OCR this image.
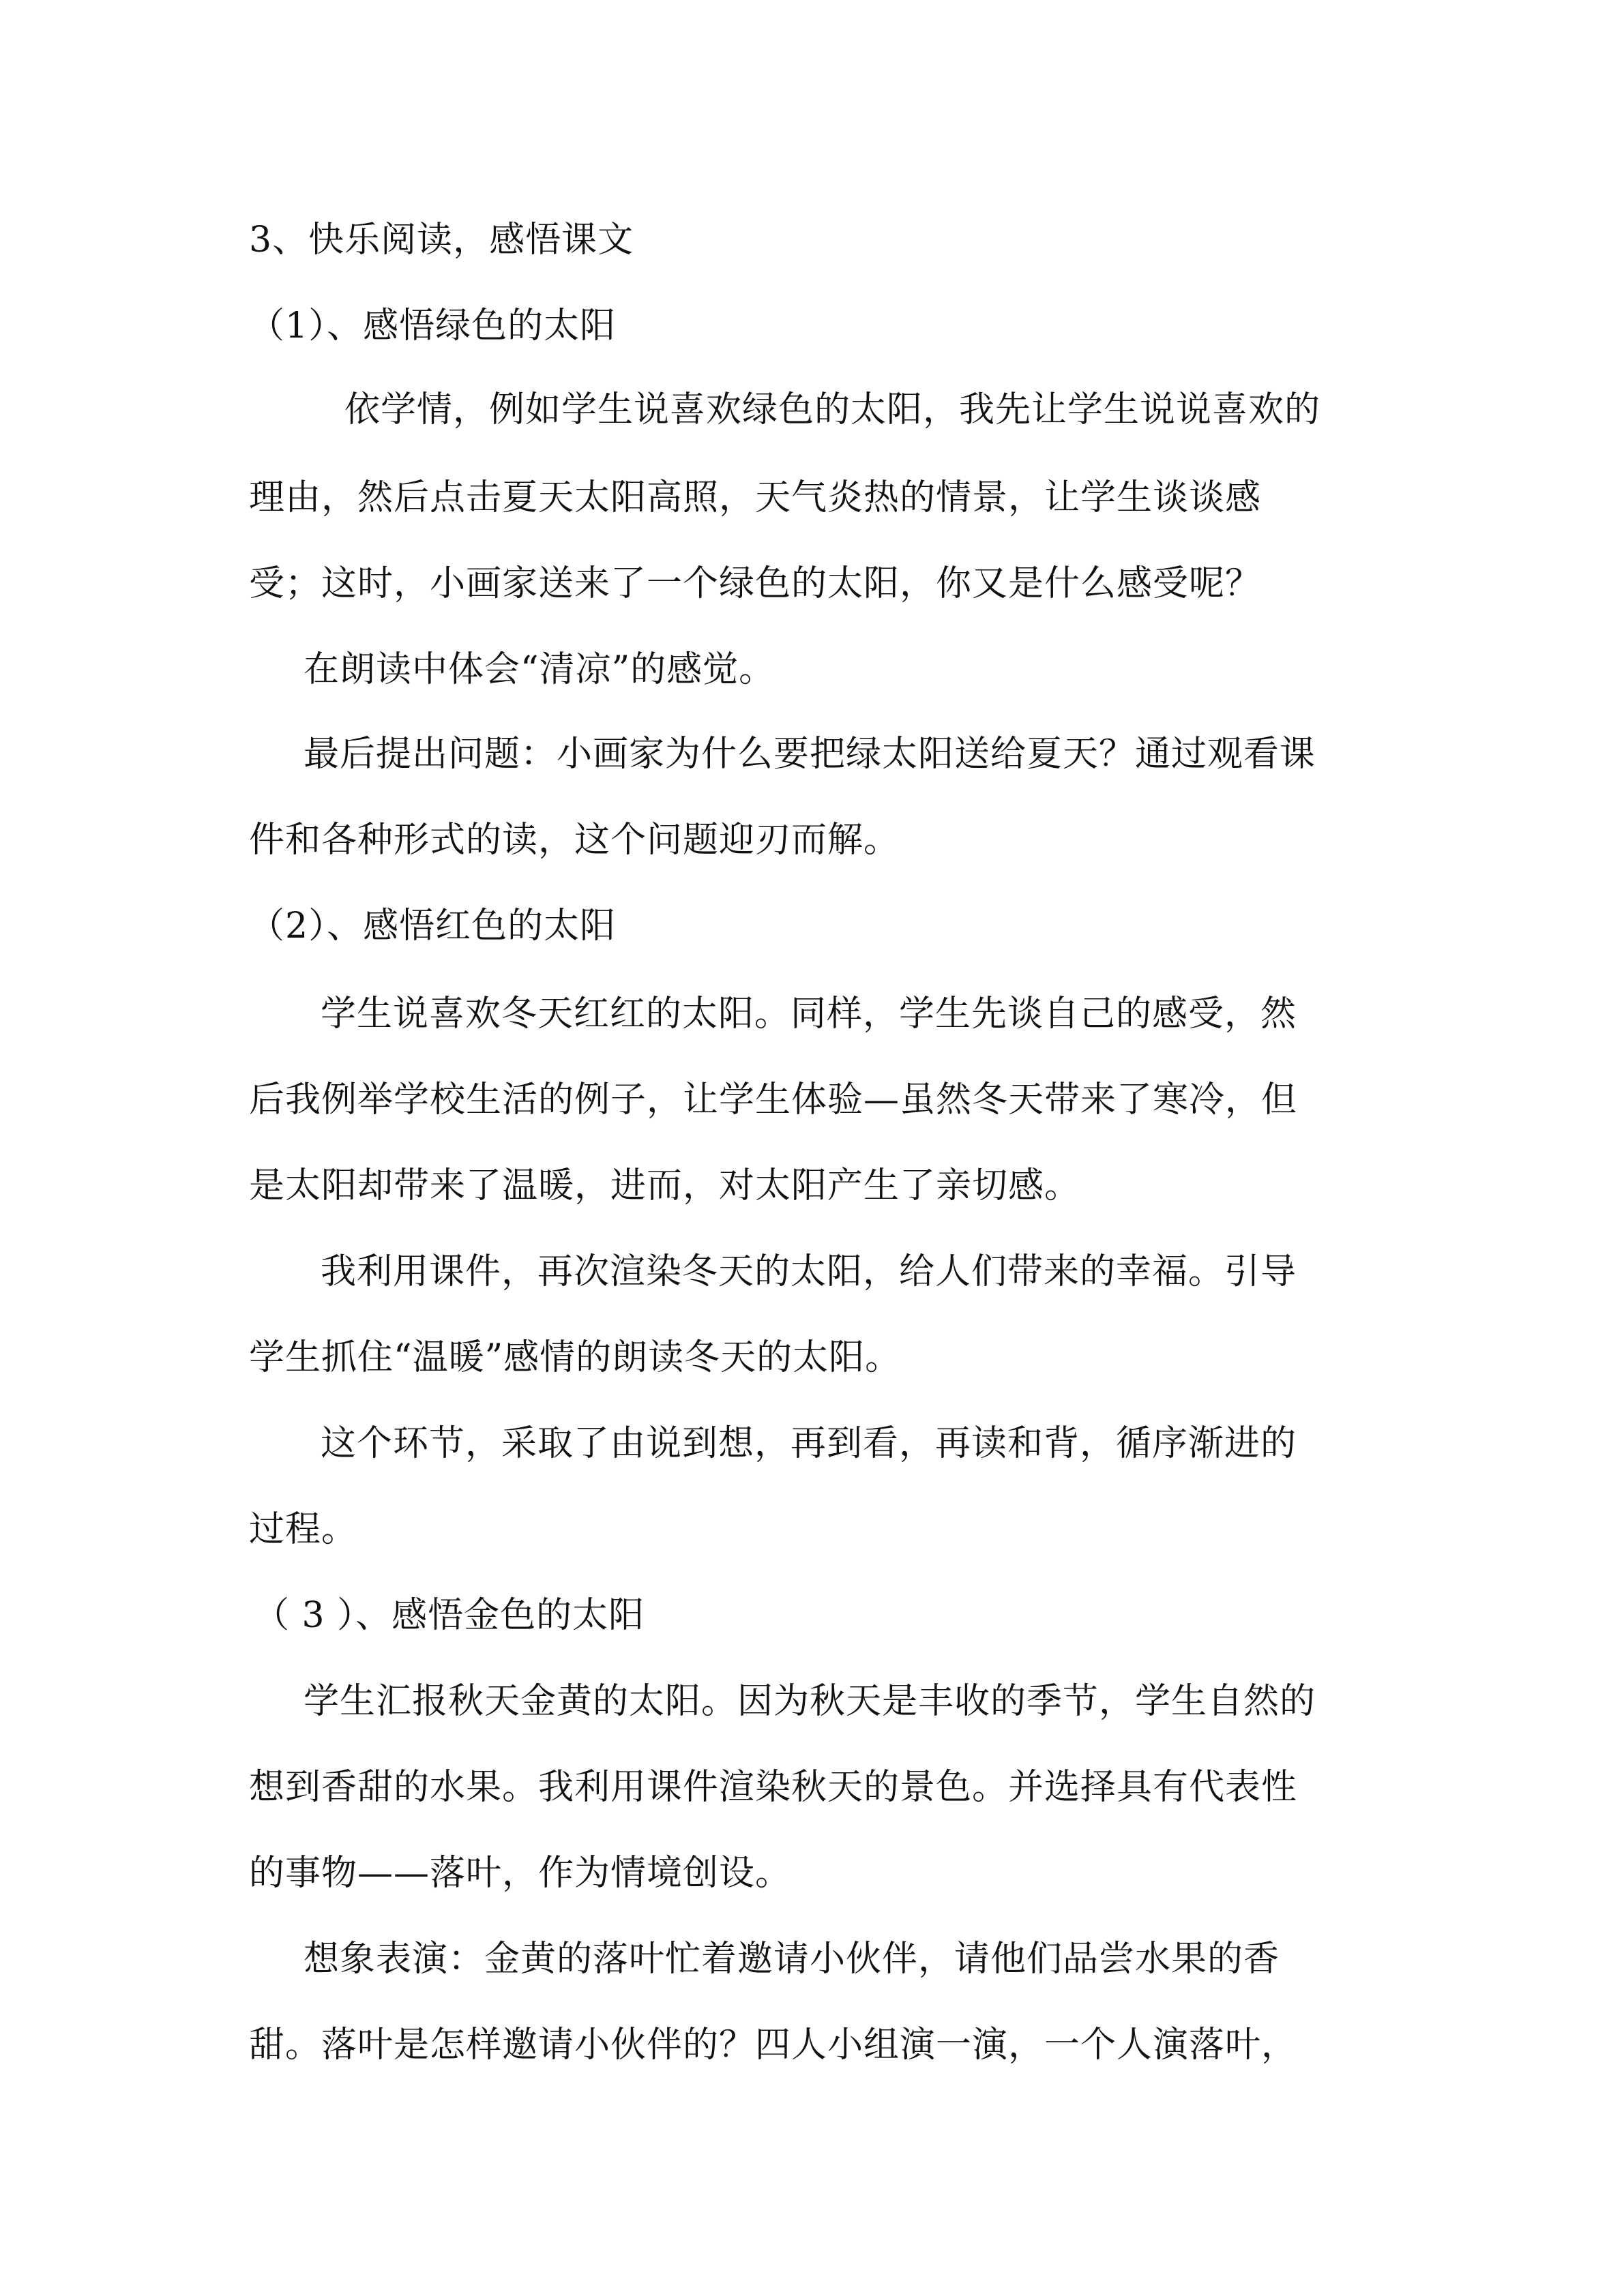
3、快乐阅读，感悟课文
（1）、感悟绿色的太阳
依学情，例如学生说喜欢绿色的太阳，我先让学生说说喜欢的
理由，然后点击夏天太阳高照，天气炎热的情景，让学生谈谈感
受；这时，小画家送来了一个绿色的太阳，你又是什么感受呢？
在朗读中体会“清凉”的感觉。
最后提出问题：小画家为什么要把绿太阳送给夏天？通过观看课
件和各种形式的读，这个问题迎刃而解。
（2）、感悟红色的太阳
学生说喜欢冬天红红的太阳。同样，学生先谈自己的感受，然
后我例举学校生活的例子，让学生体验—虽然冬天带来了寒冷，但
是太阳却带来了温暖，进而，对太阳产生了亲切感。
我利用课件，再次渲染冬天的太阳，给人们带来的幸福。引导
学生抓住“温暖”感情的朗读冬天的太阳。
这个环节，采取了由说到想，再到看，再读和背，循序渐进的
过程。
（ 3 ）、感悟金色的太阳
学生汇报秋天金黄的太阳。因为秋天是丰收的季节，学生自然的
想到香甜的水果。我利用课件渲染秋天的景色。并选择具有代表性
的事物——落叶，作为情境创设。
想象表演：金黄的落叶忙着邀请小伙伴，请他们品尝水果的香
甜。落叶是怎样邀请小伙伴的？四人小组演一演，一个人演落叶，
